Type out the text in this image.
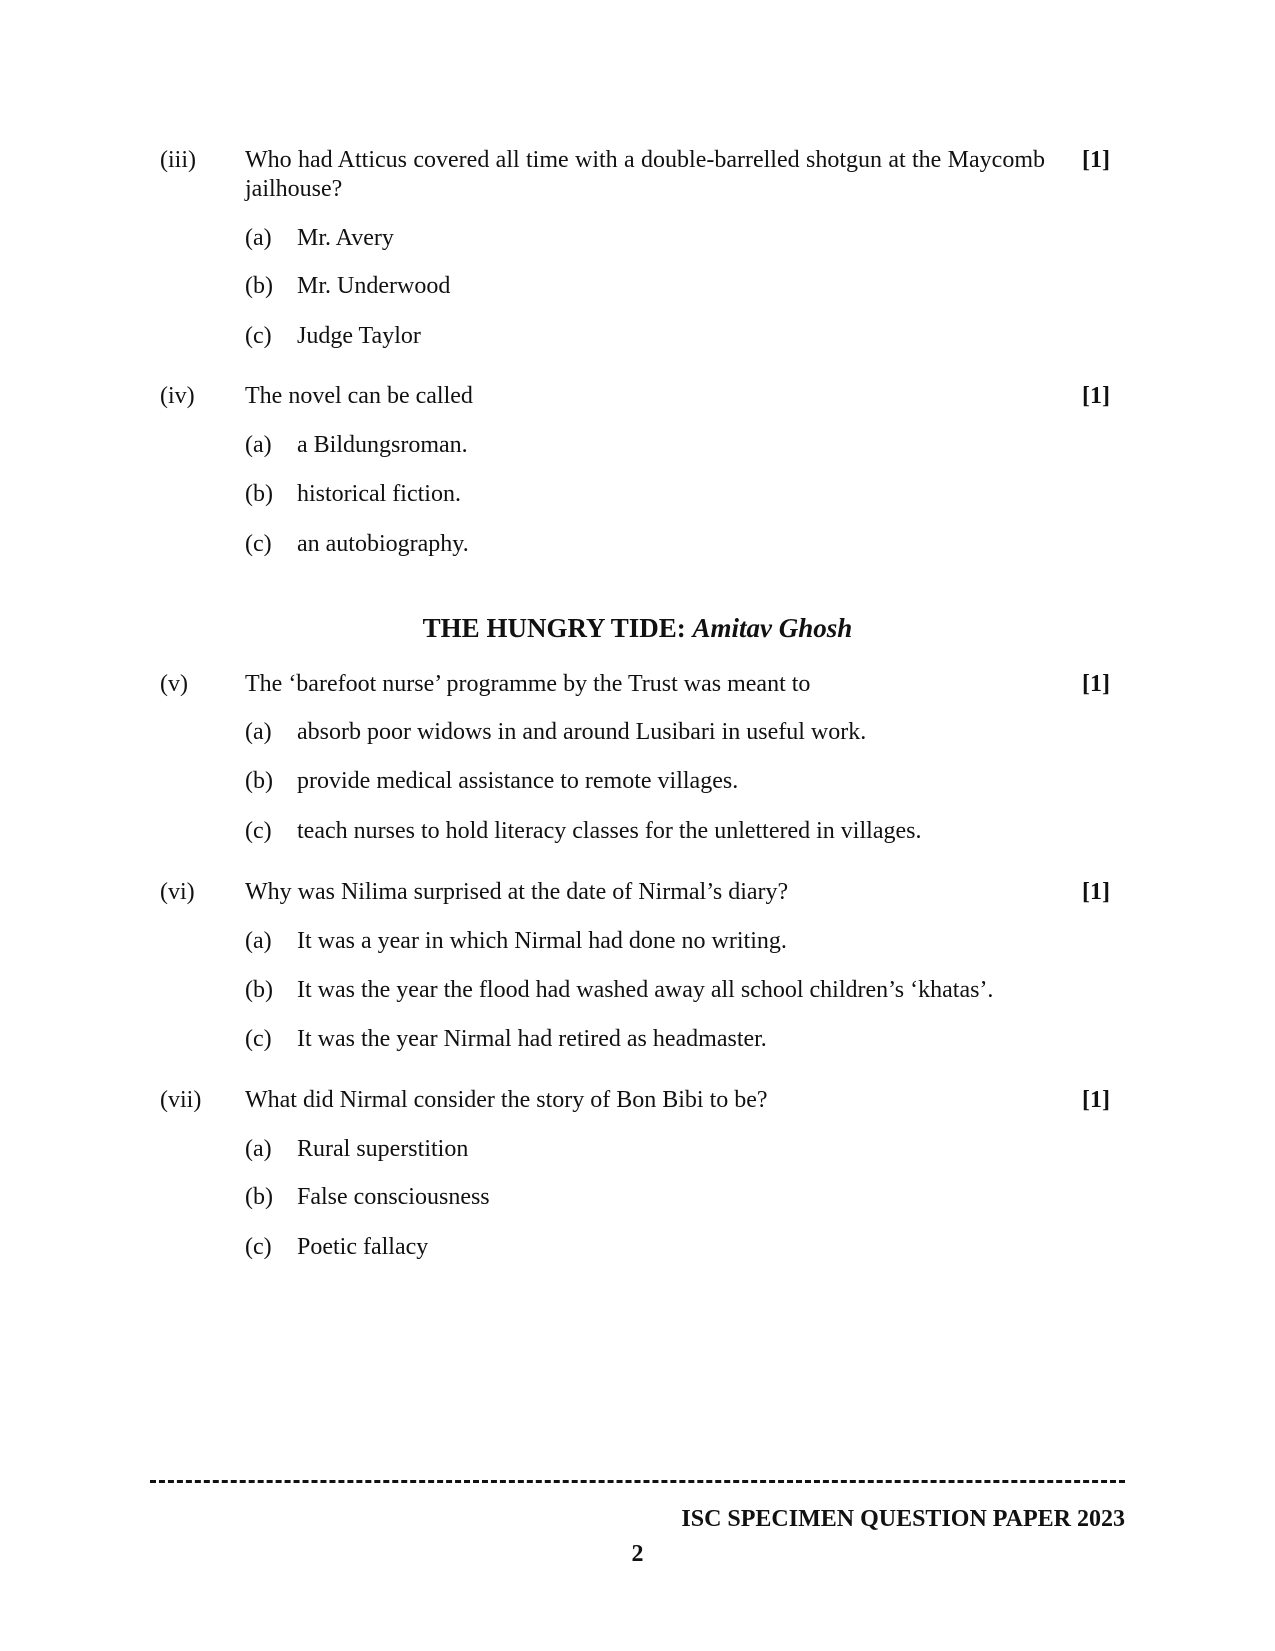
(iii)	Who had Atticus covered all time with a double-barrelled shotgun at the Maycomb jailhouse?
[1]
(a) Mr. Avery
(b) Mr. Underwood
(c) Judge Taylor
(iv)	The novel can be called	[1]
(a) a Bildungsroman.
(b) historical fiction.
(c) an autobiography.
THE HUNGRY TIDE: Amitav Ghosh
(v)	The ‘barefoot nurse’ programme by the Trust was meant to	[1]
(a) absorb poor widows in and around Lusibari in useful work.
(b) provide medical assistance to remote villages.
(c) teach nurses to hold literacy classes for the unlettered in villages.
(vi)	Why was Nilima surprised at the date of Nirmal’s diary?	[1]
(a) It was a year in which Nirmal had done no writing.
(b) It was the year the flood had washed away all school children’s ‘khatas’.
(c) It was the year Nirmal had retired as headmaster.
(vii)	What did Nirmal consider the story of Bon Bibi to be?	[1]
(a) Rural superstition
(b) False consciousness
(c) Poetic fallacy
ISC SPECIMEN QUESTION PAPER 2023
2
